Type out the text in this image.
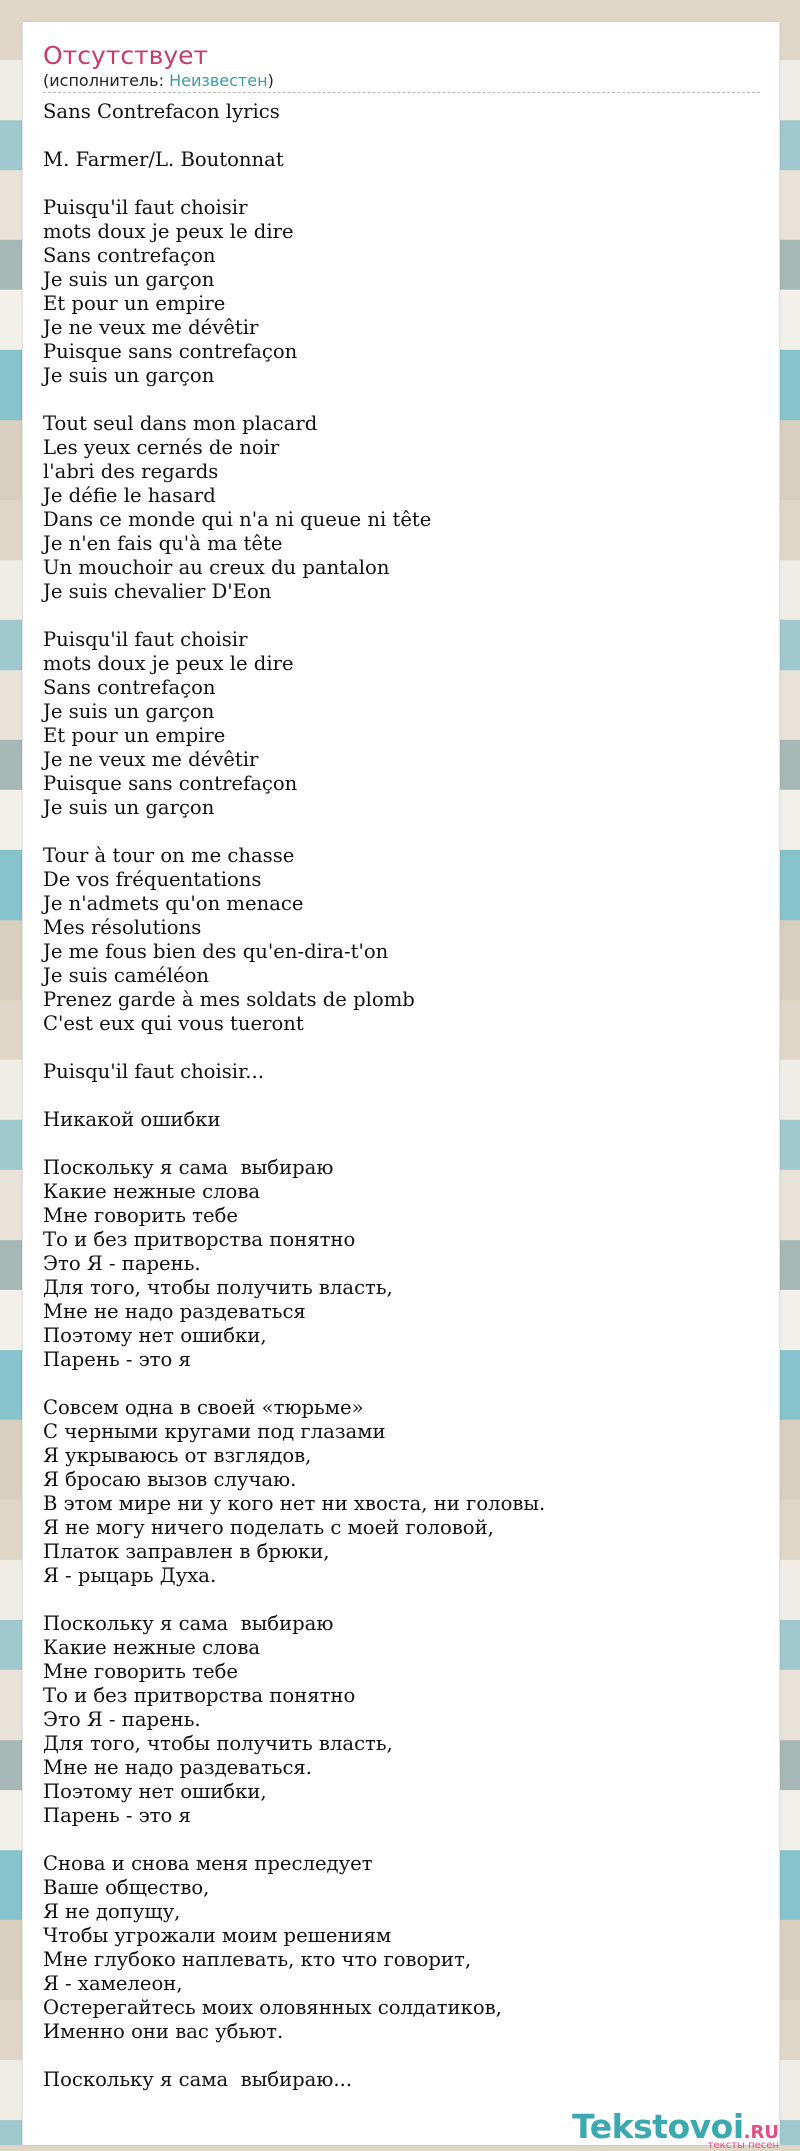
Отсутствует
(исполнитель: Неизвестен)
Sans Contrefacon lyrics
M. Farmer/L. Boutonnat
Puisqu'il faut choisir
mots doux je peux le dire
Sans contrefaçon
Je suis un garçon
Et pour un empire
Je ne veux me dévêtir
Puisque sans contrefaçon
Je suis un garçon
Tout seul dans mon placard
Les yeux cernés de noir
l'abri des regards
Je défie le hasard
Dans ce monde qui n'a ni queue ni tête
Je n'en fais qu'à ma tête
Un mouchoir au creux du pantalon
Je suis chevalier D'Eon
Puisqu'il faut choisir
mots doux je peux le dire
Sans contrefaçon
Je suis un garçon
Et pour un empire
Je ne veux me dévêtir
Puisque sans contrefaçon
Je suis un garçon
Tour à tour on me chasse
De vos fréquentations
Je n'admets qu'on menace
Mes résolutions
Je me fous bien des qu'en-dira-t'on
Je suis caméléon
Prenez garde à mes soldats de plomb
C'est eux qui vous tueront
Puisqu'il faut choisir...
Никакой ошибки
Поскольку я сама  выбираю
Какие нежные слова
Мне говорить тебе
То и без притворства понятно
Это Я - парень.
Для того, чтобы получить власть,
Мне не надо раздеваться
Поэтому нет ошибки,
Парень - это я
Совсем одна в своей «тюрьме»
С черными кругами под глазами
Я укрываюсь от взглядов,
Я бросаю вызов случаю.
В этом мире ни у кого нет ни хвоста, ни головы.
Я не могу ничего поделать с моей головой,
Платок заправлен в брюки,
Я - рыцарь Духа.
Поскольку я сама  выбираю
Какие нежные слова
Мне говорить тебе
То и без притворства понятно
Это Я - парень.
Для того, чтобы получить власть,
Мне не надо раздеваться.
Поэтому нет ошибки,
Парень - это я
Снова и снова меня преследует
Ваше общество,
Я не допущу,
Чтобы угрожали моим решениям
Мне глубоко наплевать, кто что говорит,
Я - хамелеон,
Остерегайтесь моих оловянных солдатиков,
Именно они вас убьют.
Поскольку я сама  выбираю...
Tekstovoi.RU
тексты песен
